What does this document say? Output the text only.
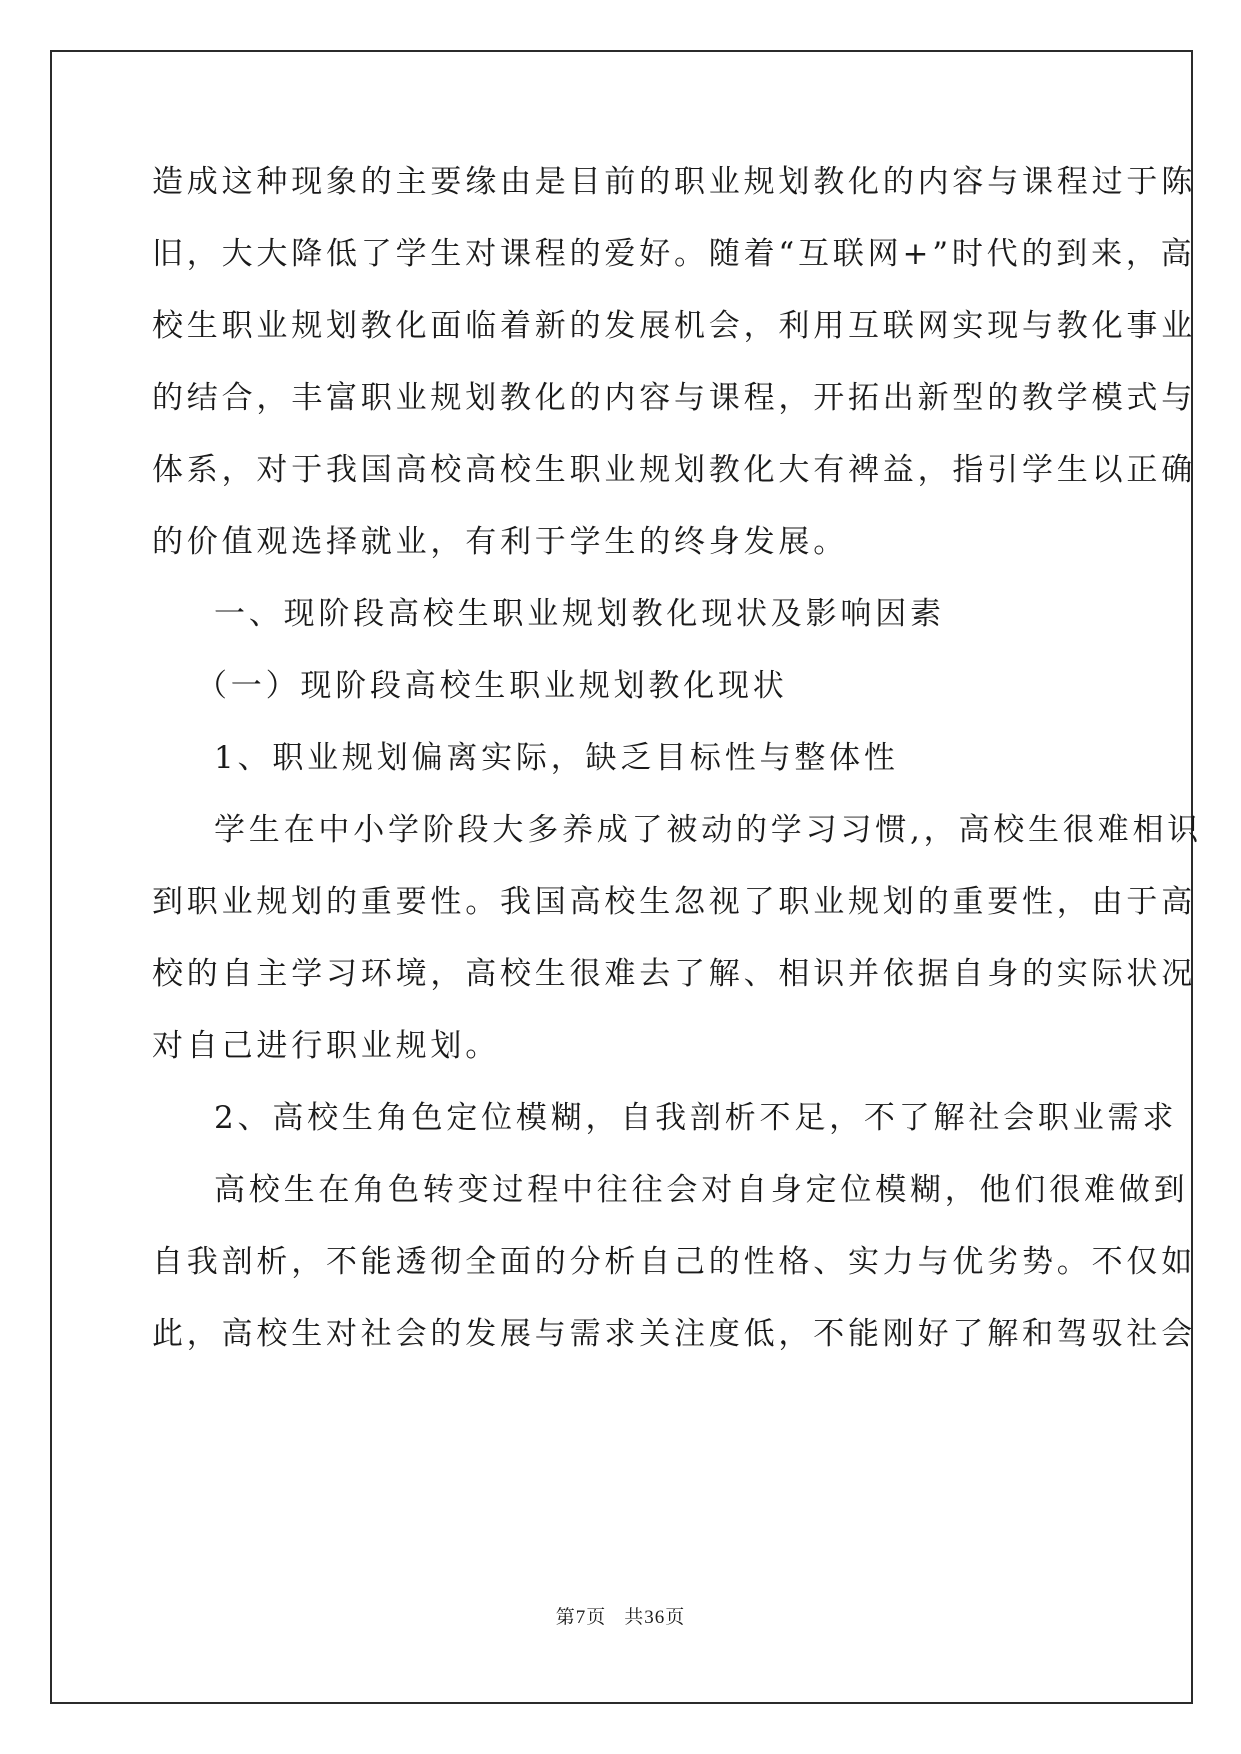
造成这种现象的主要缘由是目前的职业规划教化的内容与课程过于陈
旧，大大降低了学生对课程的爱好。随着“互联网+”时代的到来，高
校生职业规划教化面临着新的发展机会，利用互联网实现与教化事业
的结合，丰富职业规划教化的内容与课程，开拓出新型的教学模式与
体系，对于我国高校高校生职业规划教化大有裨益，指引学生以正确
的价值观选择就业，有利于学生的终身发展。
一、现阶段高校生职业规划教化现状及影响因素
（一）现阶段高校生职业规划教化现状
1、职业规划偏离实际，缺乏目标性与整体性
学生在中小学阶段大多养成了被动的学习习惯,，高校生很难相识
到职业规划的重要性。我国高校生忽视了职业规划的重要性，由于高
校的自主学习环境，高校生很难去了解、相识并依据自身的实际状况
对自己进行职业规划。
2、高校生角色定位模糊，自我剖析不足，不了解社会职业需求
高校生在角色转变过程中往往会对自身定位模糊，他们很难做到
自我剖析，不能透彻全面的分析自己的性格、实力与优劣势。不仅如
此，高校生对社会的发展与需求关注度低，不能刚好了解和驾驭社会
第7页 共36页
